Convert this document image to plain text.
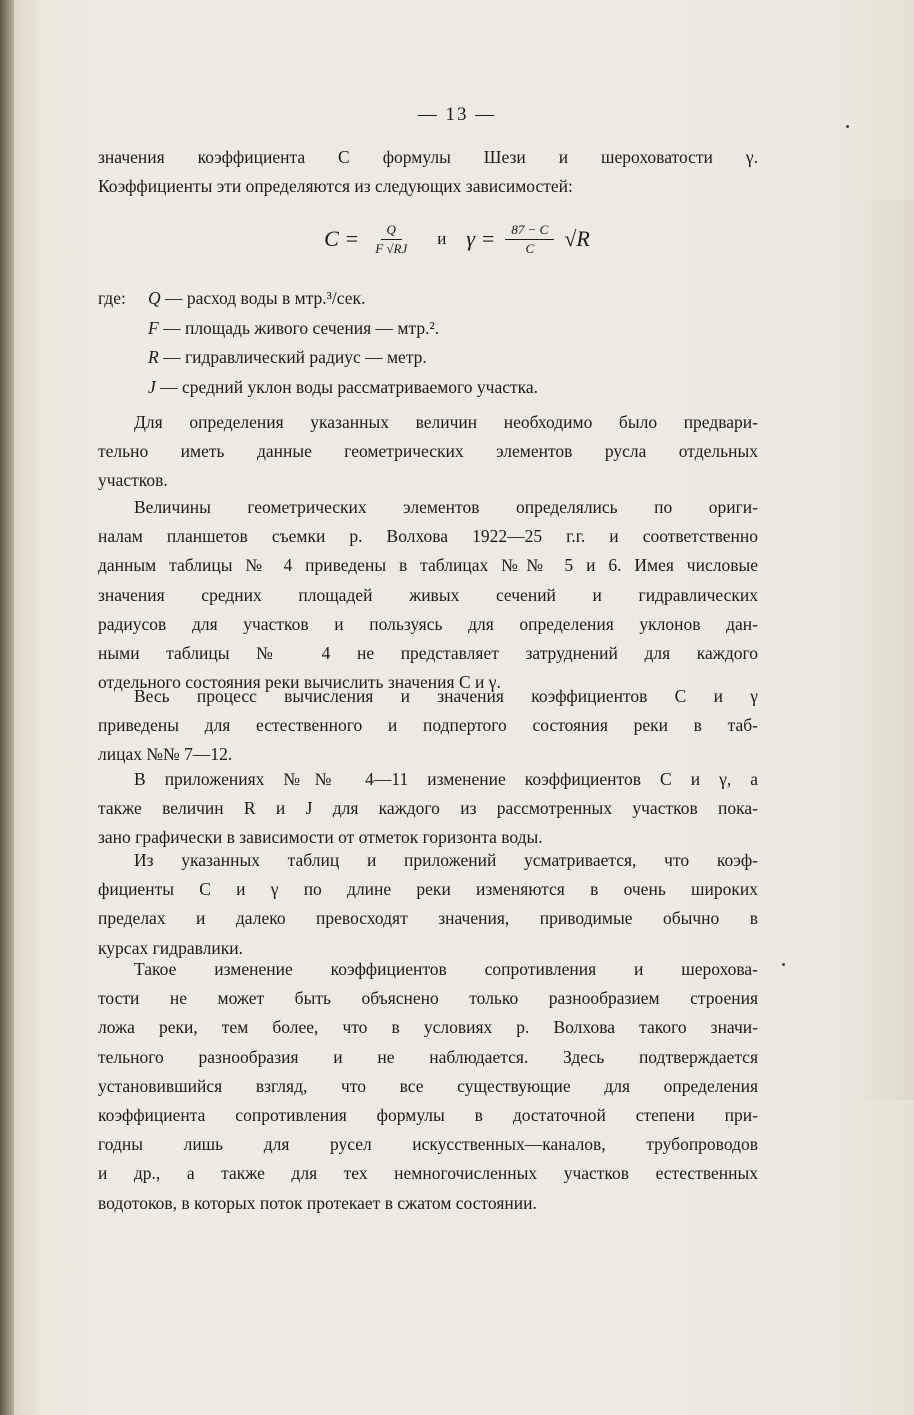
— 13 —
значения коэффициента C формулы Шези и шероховатости γ.
Коэффициенты эти определяются из следующих зависимостей:
$C = \frac{Q}{F √RJ}$ и $\gamma = \frac{87 - C}{C} √R$
где: Q — расход воды в мтр.³/сек.
F — площадь живого сечения — мтр.².
R — гидравлический радиус — метр.
J — средний уклон воды рассматриваемого участка.
Для определения указанных величин необходимо было предвари-
тельно иметь данные геометрических элементов русла отдельных
участков.
Величины геометрических элементов определялись по ориги-
налам планшетов съемки р. Волхова 1922—25 г.г. и соответственно
данным таблицы № 4 приведены в таблицах №№ 5 и 6. Имея числовые
значения средних площадей живых сечений и гидравлических
радиусов для участков и пользуясь для определения уклонов дан-
ными таблицы № 4 не представляет затруднений для каждого
отдельного состояния реки вычислить значения C и γ.
Весь процесс вычисления и значения коэффициентов C и γ
приведены для естественного и подпертого состояния реки в таб-
лицах №№ 7—12.
В приложениях №№ 4—11 изменение коэффициентов C и γ, а
также величин R и J для каждого из рассмотренных участков пока-
зано графически в зависимости от отметок горизонта воды.
Из указанных таблиц и приложений усматривается, что коэф-
фициенты C и γ по длине реки изменяются в очень широких
пределах и далеко превосходят значения, приводимые обычно в
курсах гидравлики.
Такое изменение коэффициентов сопротивления и шерохова-
тости не может быть объяснено только разнообразием строения
ложа реки, тем более, что в условиях р. Волхова такого значи-
тельного разнообразия и не наблюдается. Здесь подтверждается
установившийся взгляд, что все существующие для определения
коэффициента сопротивления формулы в достаточной степени при-
годны лишь для русел искусственных—каналов, трубопроводов
и др., а также для тех немногочисленных участков естественных
водотоков, в которых поток протекает в сжатом состоянии.
